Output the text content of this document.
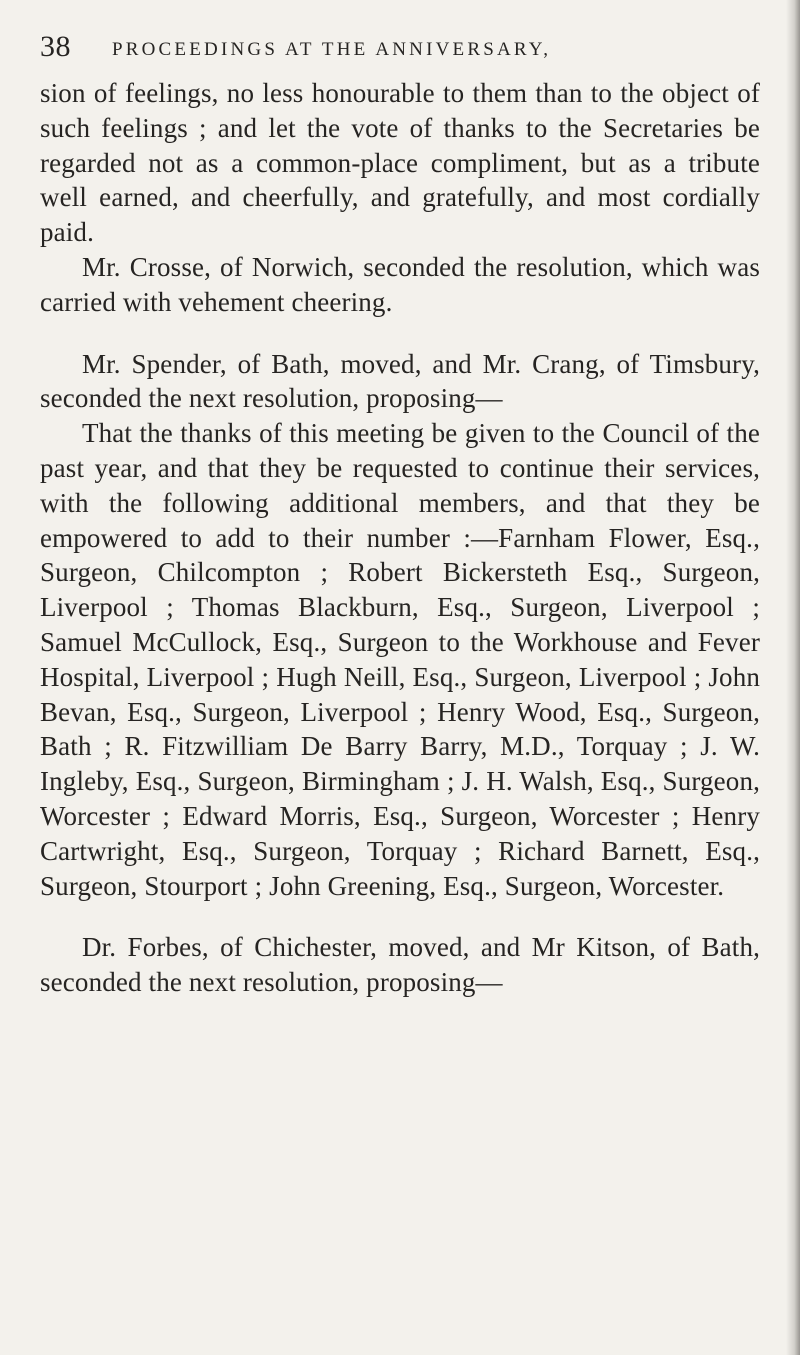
38 PROCEEDINGS AT THE ANNIVERSARY,

sion of feelings, no less honourable to them than to the object of such feelings ; and let the vote of thanks to the Secretaries be regarded not as a common-place compliment, but as a tribute well earned, and cheerfully, and gratefully, and most cordially paid.

Mr. Crosse, of Norwich, seconded the resolution, which was carried with vehement cheering.

Mr. Spender, of Bath, moved, and Mr. Crang, of Timsbury, seconded the next resolution, proposing—

That the thanks of this meeting be given to the Council of the past year, and that they be requested to continue their services, with the following additional members, and that they be empowered to add to their number :—Farnham Flower, Esq., Surgeon, Chilcompton ; Robert Bickersteth Esq., Surgeon, Liverpool ; Thomas Blackburn, Esq., Surgeon, Liverpool ; Samuel McCullock, Esq., Surgeon to the Workhouse and Fever Hospital, Liverpool ; Hugh Neill, Esq., Surgeon, Liverpool ; John Bevan, Esq., Surgeon, Liverpool ; Henry Wood, Esq., Surgeon, Bath ; R. Fitzwilliam De Barry Barry, M.D., Torquay ; J. W. Ingleby, Esq., Surgeon, Birmingham ; J. H. Walsh, Esq., Surgeon, Worcester ; Edward Morris, Esq., Surgeon, Worcester ; Henry Cartwright, Esq., Surgeon, Torquay ; Richard Barnett, Esq., Surgeon, Stourport ; John Greening, Esq., Surgeon, Worcester.

Dr. Forbes, of Chichester, moved, and Mr Kitson, of Bath, seconded the next resolution, proposing—
